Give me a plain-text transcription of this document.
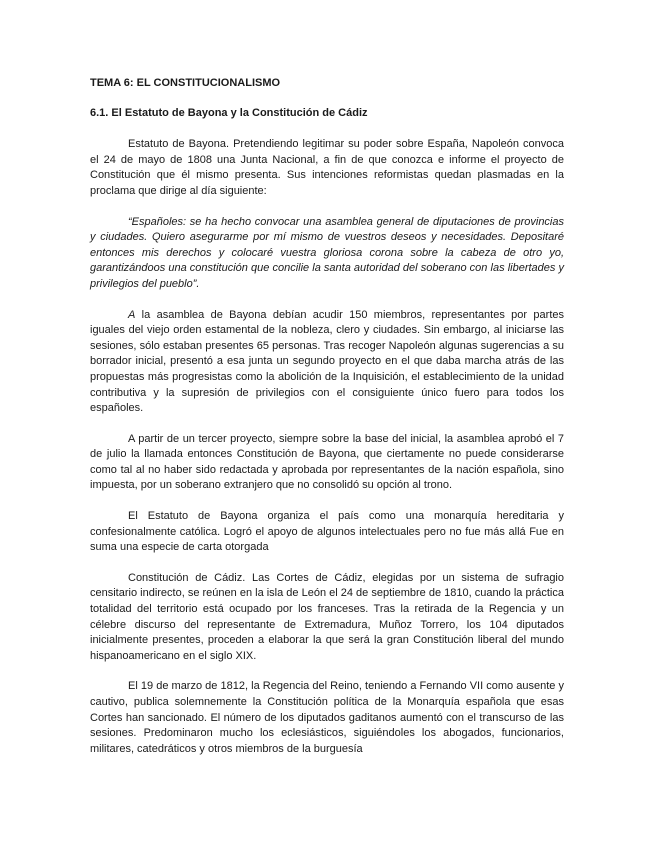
TEMA 6: EL CONSTITUCIONALISMO
6.1. El Estatuto de Bayona y la Constitución de Cádiz

Estatuto de Bayona. Pretendiendo legitimar su poder sobre España, Napoleón convoca el 24 de mayo de 1808 una Junta Nacional, a fin de que conozca e informe el proyecto de Constitución que él mismo presenta. Sus intenciones reformistas quedan plasmadas en la proclama que dirige al día siguiente:

“Españoles: se ha hecho convocar una asamblea general de diputaciones de provincias y ciudades. Quiero asegurarme por mí mismo de vuestros deseos y necesidades. Depositaré entonces mis derechos y colocaré vuestra gloriosa corona sobre la cabeza de otro yo, garantizándoos una constitución que concilie la santa autoridad del soberano con las libertades y privilegios del pueblo”.

A la asamblea de Bayona debían acudir 150 miembros, representantes por partes iguales del viejo orden estamental de la nobleza, clero y ciudades. Sin embargo, al iniciarse las sesiones, sólo estaban presentes 65 personas. Tras recoger Napoleón algunas sugerencias a su borrador inicial, presentó a esa junta un segundo proyecto en el que daba marcha atrás de las propuestas más progresistas como la abolición de la Inquisición, el establecimiento de la unidad contributiva y la supresión de privilegios con el consiguiente único fuero para todos los españoles.

A partir de un tercer proyecto, siempre sobre la base del inicial, la asamblea aprobó el 7 de julio la llamada entonces Constitución de Bayona, que ciertamente no puede considerarse como tal al no haber sido redactada y aprobada por representantes de la nación española, sino impuesta, por un soberano extranjero que no consolidó su opción al trono.

El Estatuto de Bayona organiza el país como una monarquía hereditaria y confesionalmente católica. Logró el apoyo de algunos intelectuales pero no fue más allá Fue en suma una especie de carta otorgada

Constitución de Cádiz. Las Cortes de Cádiz, elegidas por un sistema de sufragio censitario indirecto, se reúnen en la isla de León el 24 de septiembre de 1810, cuando la práctica totalidad del territorio está ocupado por los franceses. Tras la retirada de la Regencia y un célebre discurso del representante de Extremadura, Muñoz Torrero, los 104 diputados inicialmente presentes, proceden a elaborar la que será la gran Constitución liberal del mundo hispanoamericano en el siglo XIX.

El 19 de marzo de 1812, la Regencia del Reino, teniendo a Fernando VII como ausente y cautivo, publica solemnemente la Constitución política de la Monarquía española que esas Cortes han sancionado. El número de los diputados gaditanos aumentó con el transcurso de las sesiones. Predominaron mucho los eclesiásticos, siguiéndoles los abogados, funcionarios, militares, catedráticos y otros miembros de la burguesía
